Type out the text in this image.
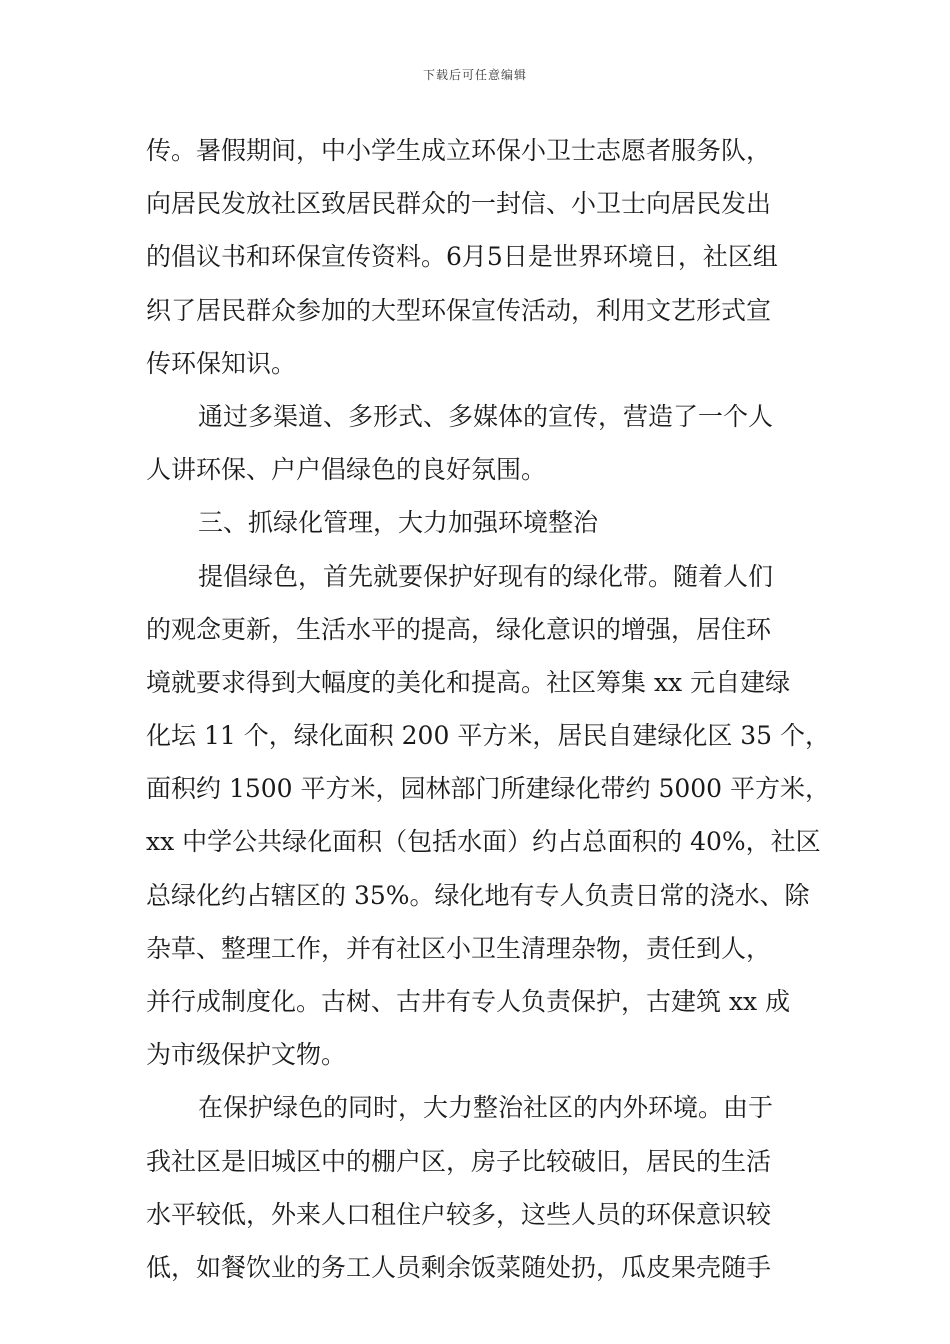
下载后可任意编辑
传。暑假期间，中小学生成立环保小卫士志愿者服务队，
向居民发放社区致居民群众的一封信、小卫士向居民发出
的倡议书和环保宣传资料。6月5日是世界环境日，社区组
织了居民群众参加的大型环保宣传活动，利用文艺形式宣
传环保知识。
通过多渠道、多形式、多媒体的宣传，营造了一个人
人讲环保、户户倡绿色的良好氛围。
三、抓绿化管理，大力加强环境整治
提倡绿色，首先就要保护好现有的绿化带。随着人们
的观念更新，生活水平的提高，绿化意识的增强，居住环
境就要求得到大幅度的美化和提高。社区筹集 xx 元自建绿
化坛 11 个，绿化面积 200 平方米，居民自建绿化区 35 个，
面积约 1500 平方米，园林部门所建绿化带约 5000 平方米，
xx 中学公共绿化面积（包括水面）约占总面积的 40%，社区
总绿化约占辖区的 35%。绿化地有专人负责日常的浇水、除
杂草、整理工作，并有社区小卫生清理杂物，责任到人，
并行成制度化。古树、古井有专人负责保护，古建筑 xx 成
为市级保护文物。
在保护绿色的同时，大力整治社区的内外环境。由于
我社区是旧城区中的棚户区，房子比较破旧，居民的生活
水平较低，外来人口租住户较多，这些人员的环保意识较
低，如餐饮业的务工人员剩余饭菜随处扔，瓜皮果壳随手
